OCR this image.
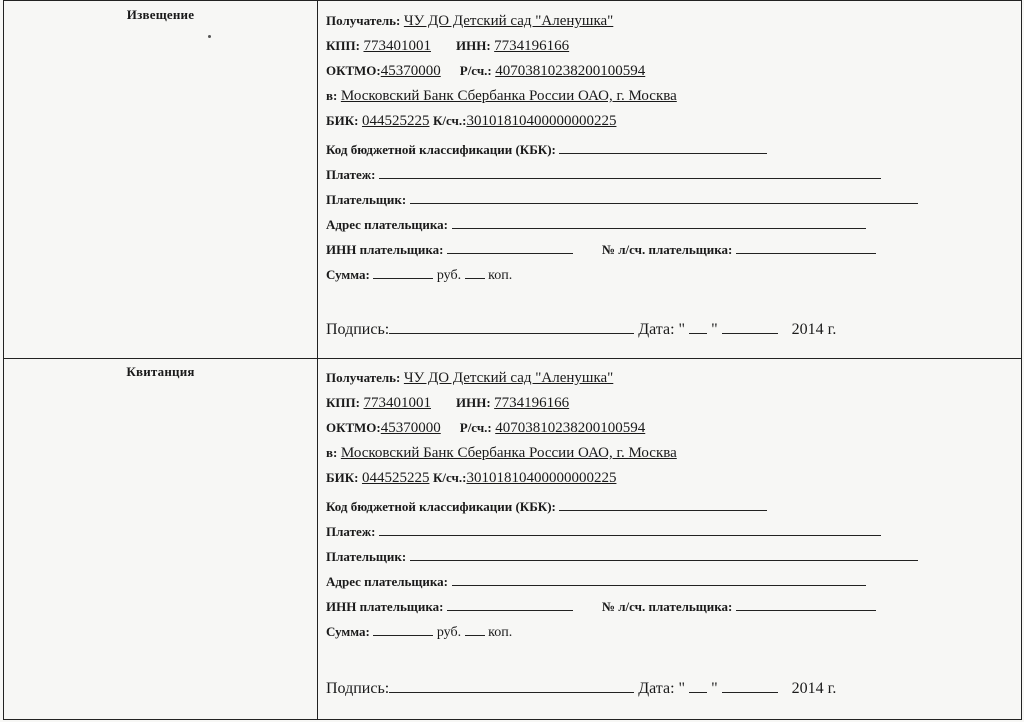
Извещение	Получатель: ЧУ ДО Детский сад "Аленушка"
КПП: 773401001 ИНН: 7734196166
ОКТМО:45370000 Р/сч.: 40703810238200100594
в: Московский Банк Сбербанка России ОАО, г. Москва
БИК: 044525225 К/сч.:30101810400000000225
Код бюджетной классификации (КБК):
Платеж:
Плательщик:
Адрес плательщика:
ИНН плательщика:	№ л/сч. плательщика:
Сумма:	руб. коп.
Подпись:	Дата: " "	2014 г.
Квитанция	Получатель: ЧУ ДО Детский сад "Аленушка"
КПП: 773401001 ИНН: 7734196166
ОКТМО:45370000 Р/сч.: 40703810238200100594
в: Московский Банк Сбербанка России ОАО, г. Москва
БИК: 044525225 К/сч.:30101810400000000225
Код бюджетной классификации (КБК):
Платеж:
Плательщик:
Адрес плательщика:
ИНН плательщика:	№ л/сч. плательщика:
Сумма:	руб. коп.
Подпись:	Дата: " "	2014 г.
